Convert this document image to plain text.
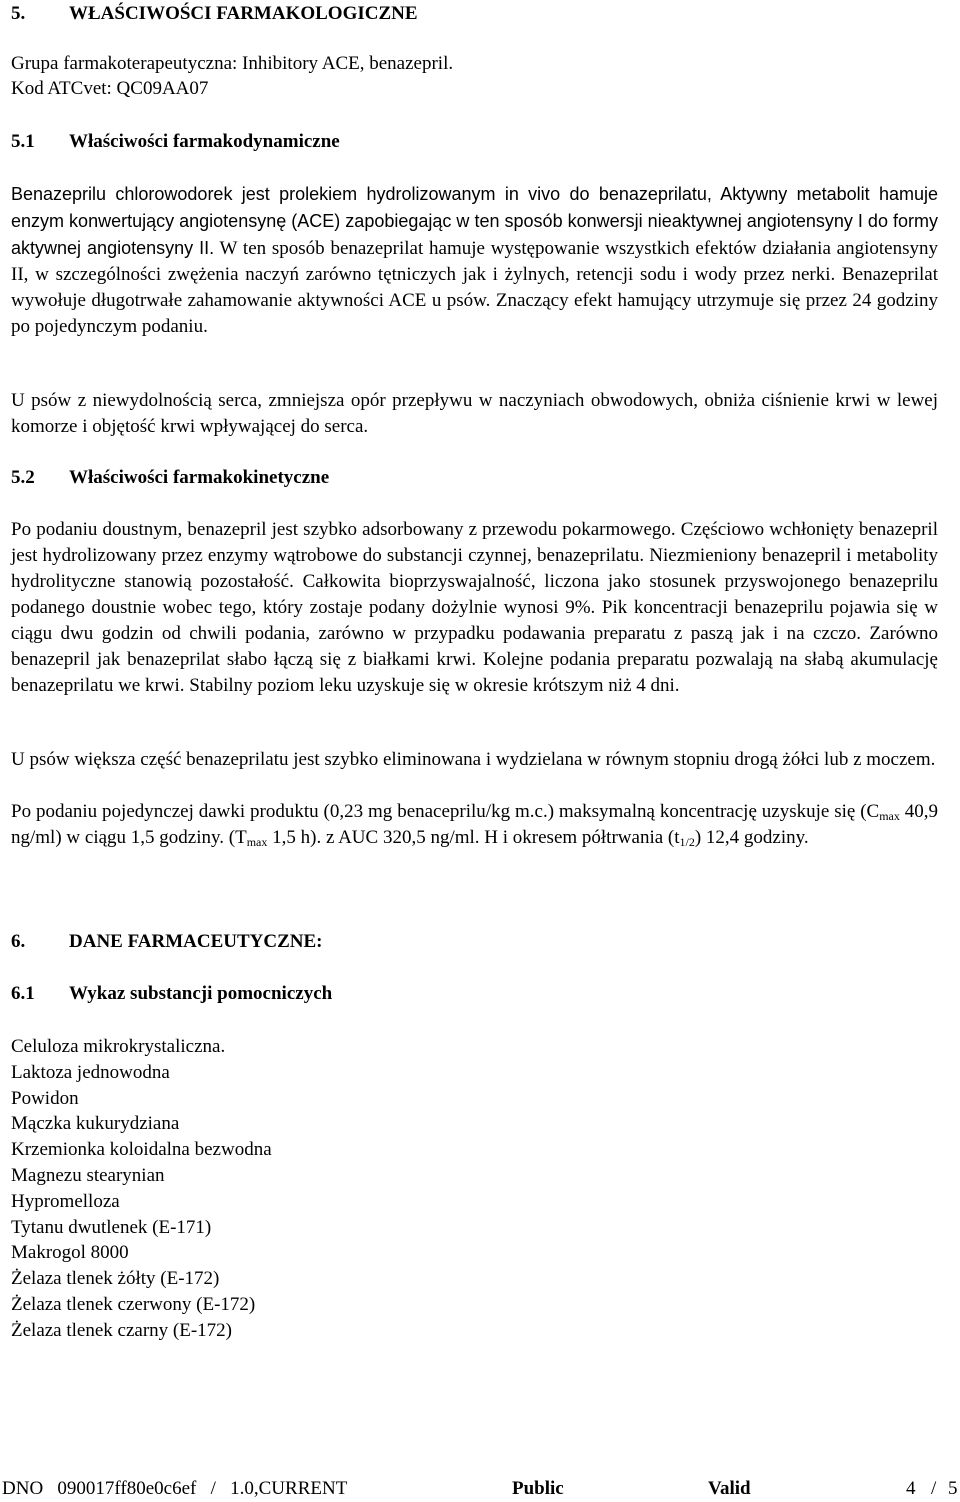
5. WŁAŚCIWOŚCI FARMAKOLOGICZNE
Grupa farmakoterapeutyczna: Inhibitory ACE, benazepril.
Kod ATCvet: QC09AA07
5.1 Właściwości farmakodynamiczne
Benazeprilu chlorowodorek jest prolekiem hydrolizowanym in vivo do benazeprilatu, Aktywny metabolit hamuje enzym konwertujący angiotensynę (ACE) zapobiegając w ten sposób konwersji nieaktywnej angiotensyny I do formy aktywnej angiotensyny II. W ten sposób benazeprilat hamuje występowanie wszystkich efektów działania angiotensyny II, w szczególności zwężenia naczyń zarówno tętniczych jak i żylnych, retencji sodu i wody przez nerki. Benazeprilat wywołuje długotrwałe zahamowanie aktywności ACE u psów. Znaczący efekt hamujący utrzymuje się przez 24 godziny po pojedynczym podaniu.
U psów z niewydolnością serca, zmniejsza opór przepływu w naczyniach obwodowych, obniża ciśnienie krwi w lewej komorze i objętość krwi wpływającej do serca.
5.2 Właściwości farmakokinetyczne
Po podaniu doustnym, benazepril jest szybko adsorbowany z przewodu pokarmowego. Częściowo wchłonięty benazepril jest hydrolizowany przez enzymy wątrobowe do substancji czynnej, benazeprilatu. Niezmieniony benazepril i metabolity hydrolityczne stanowią pozostałość. Całkowita bioprzyswajalność, liczona jako stosunek przyswojonego benazeprilu podanego doustnie wobec tego, który zostaje podany dożylnie wynosi 9%. Pik koncentracji benazeprilu pojawia się w ciągu dwu godzin od chwili podania, zarówno w przypadku podawania preparatu z paszą jak i na czczo. Zarówno benazepril jak benazeprilat słabo łączą się z białkami krwi. Kolejne podania preparatu pozwalają na słabą akumulację benazeprilatu we krwi. Stabilny poziom leku uzyskuje się w okresie krótszym niż 4 dni.
U psów większa część benazeprilatu jest szybko eliminowana i wydzielana w równym stopniu drogą żółci lub z moczem.
Po podaniu pojedynczej dawki produktu (0,23 mg benaceprilu/kg m.c.) maksymalną koncentrację uzyskuje się ($C_{max}$ 40,9 ng/ml) w ciągu 1,5 godziny. ($T_{max}$ 1,5 h). z AUC 320,5 ng/ml. H i okresem półtrwania $(t_{1/2})$ 12,4 godziny.
6. DANE FARMACEUTYCZNE:
6.1 Wykaz substancji pomocniczych
Celuloza mikrokrystaliczna.
Laktoza jednowodna
Powidon
Mączka kukurydziana
Krzemionka koloidalna bezwodna
Magnezu stearynian
Hypromelloza
Tytanu dwutlenek (E-171)
Makrogol 8000
Żelaza tlenek żółty (E-172)
Żelaza tlenek czerwony (E-172)
Żelaza tlenek czarny (E-172)
DNO   090017ff80e0c6ef   /   1.0,CURRENT	Public	Valid	4 / 5
